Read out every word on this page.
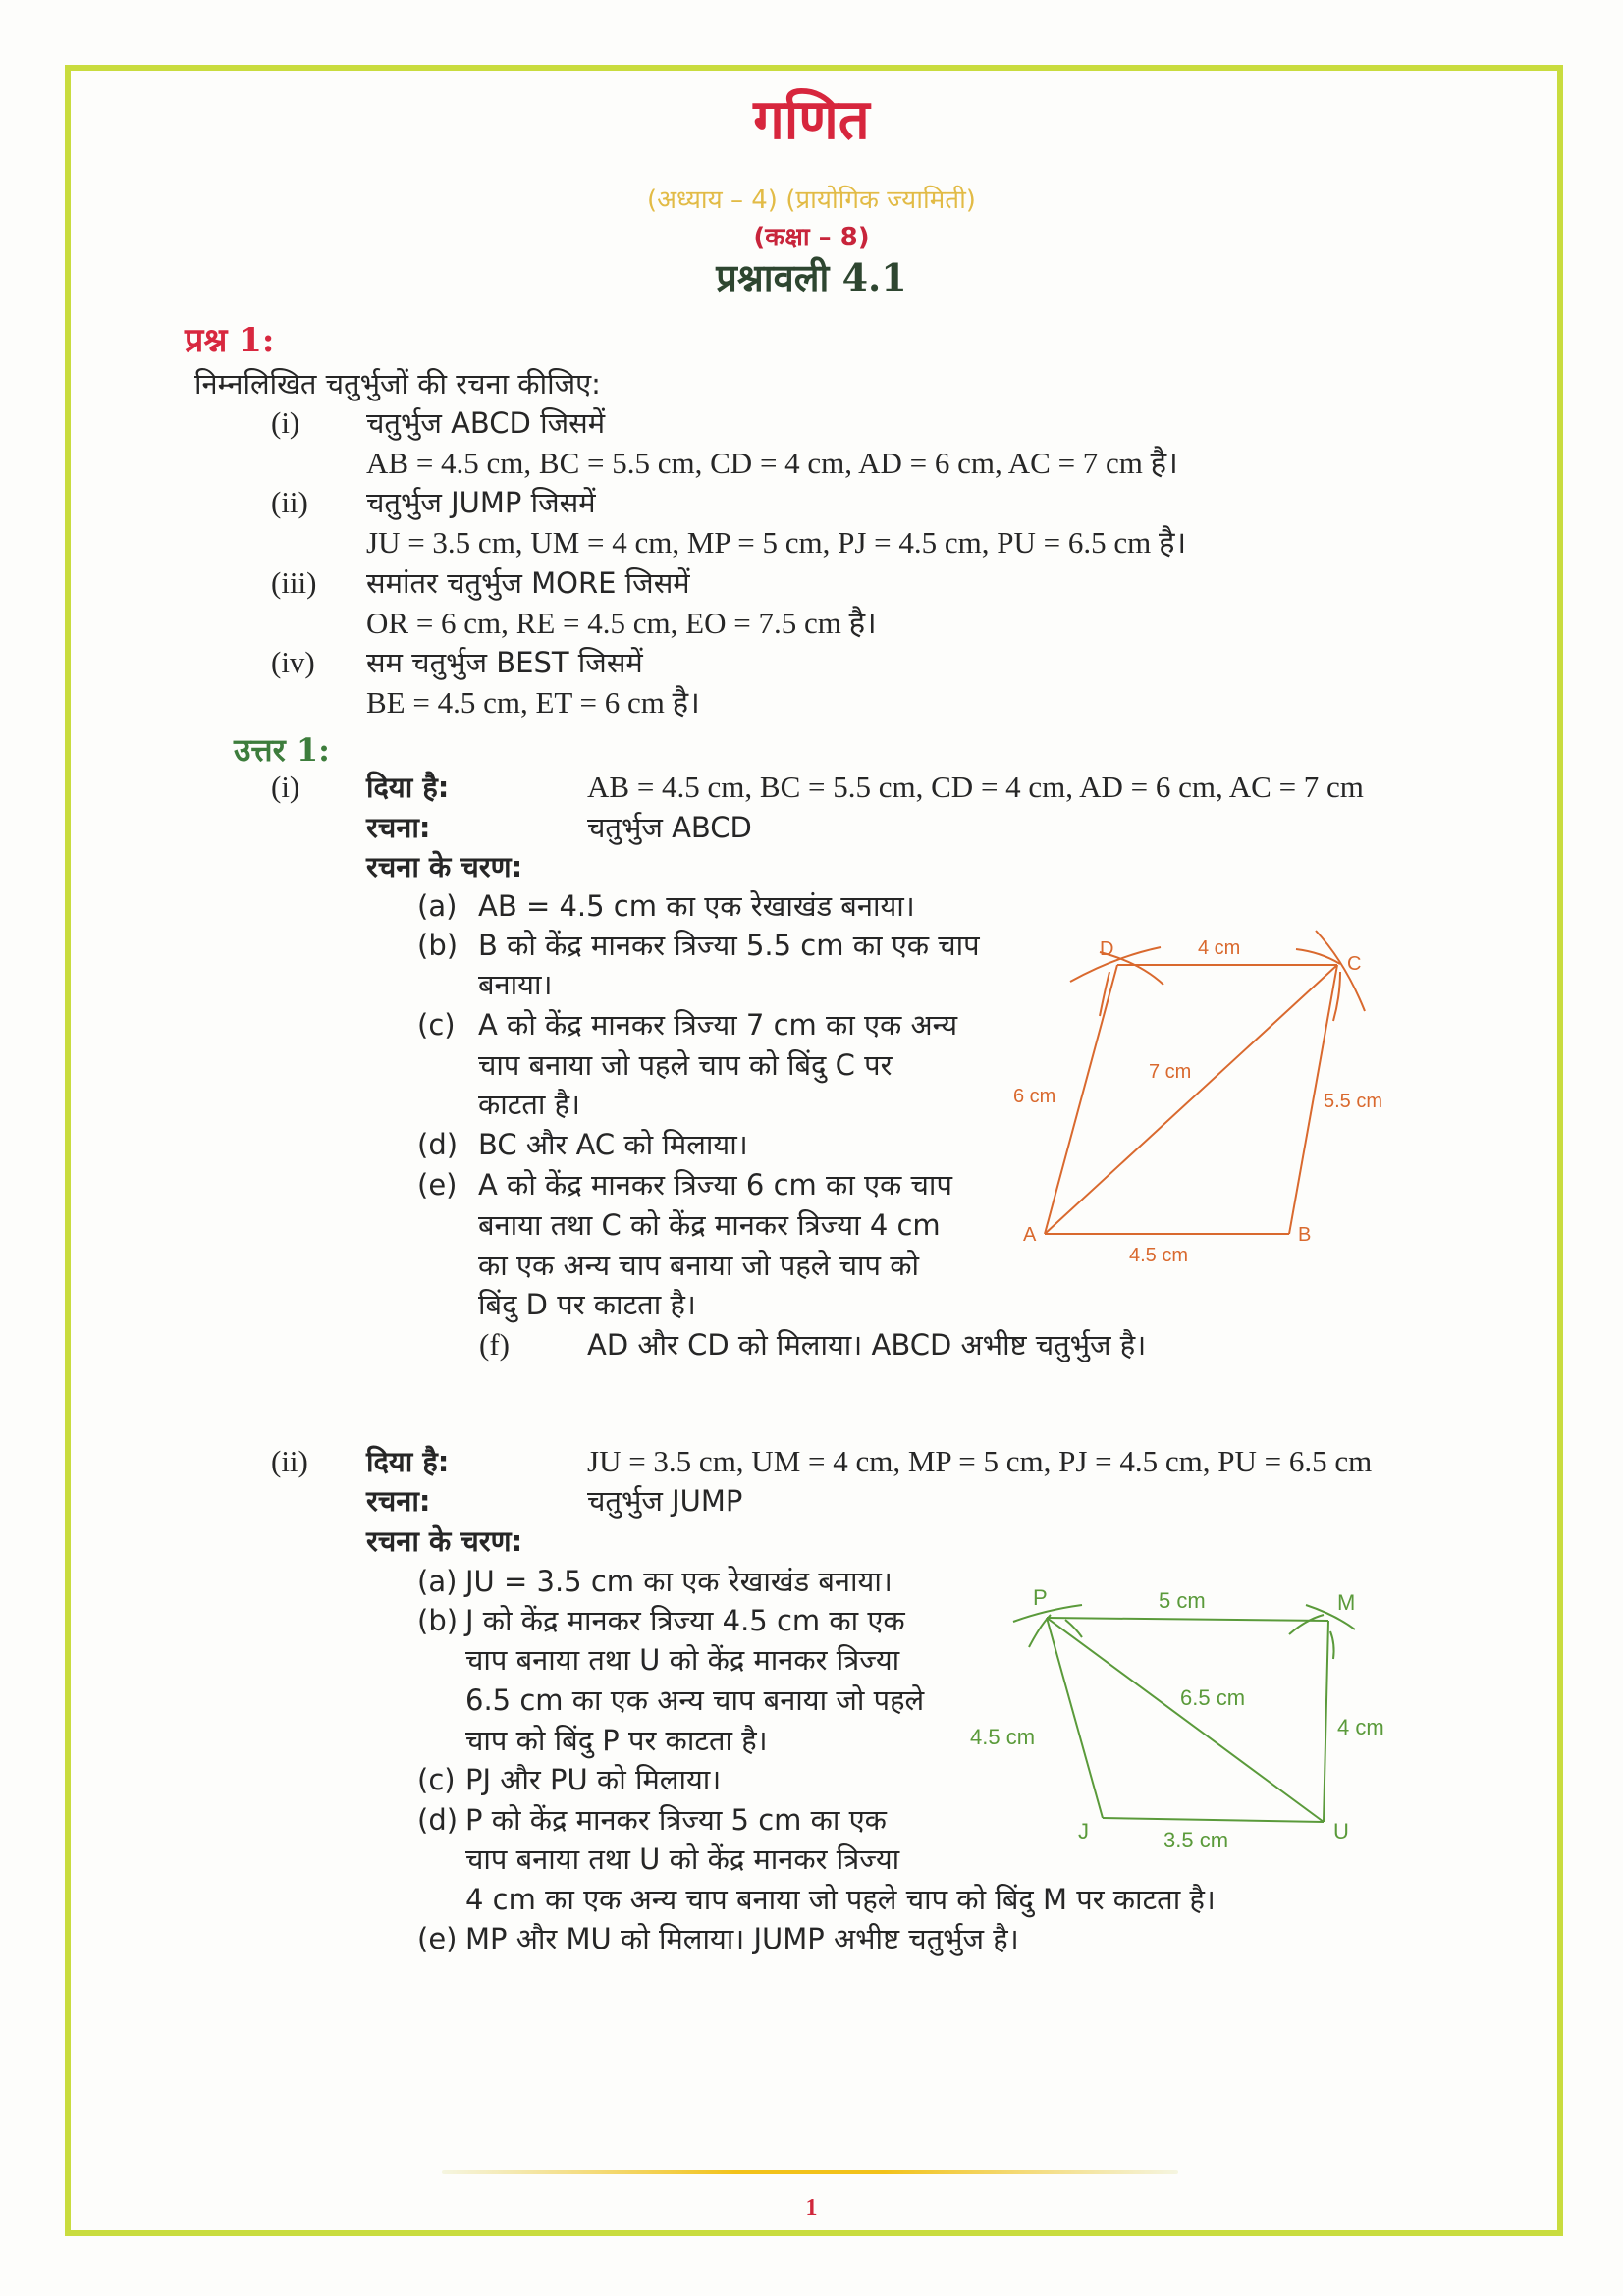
गणित
(अध्याय – 4) (प्रायोगिक ज्यामिती)
(कक्षा – 8)
प्रश्नावली 4.1
प्रश्न 1:
निम्नलिखित चतुर्भुजों की रचना कीजिए:
(i) चतुर्भुज ABCD जिसमें
AB = 4.5 cm, BC = 5.5 cm, CD = 4 cm, AD = 6 cm, AC = 7 cm है।
(ii) चतुर्भुज JUMP जिसमें
JU = 3.5 cm, UM = 4 cm, MP = 5 cm, PJ = 4.5 cm, PU = 6.5 cm है।
(iii) समांतर चतुर्भुज MORE जिसमें
OR = 6 cm, RE = 4.5 cm, EO = 7.5 cm है।
(iv) सम चतुर्भुज BEST जिसमें
BE = 4.5 cm, ET = 6 cm है।
उत्तर 1:
(i) दिया है:	AB = 4.5 cm, BC = 5.5 cm, CD = 4 cm, AD = 6 cm, AC = 7 cm
रचना:	चतुर्भुज ABCD
रचना के चरण:
(a) AB = 4.5 cm का एक रेखाखंड बनाया।
(b) B को केंद्र मानकर त्रिज्या 5.5 cm का एक चाप
बनाया।
(c) A को केंद्र मानकर त्रिज्या 7 cm का एक अन्य
चाप बनाया जो पहले चाप को बिंदु C पर
काटता है।
(d) BC और AC को मिलाया।
(e) A को केंद्र मानकर त्रिज्या 6 cm का एक चाप
बनाया तथा C को केंद्र मानकर त्रिज्या 4 cm
का एक अन्य चाप बनाया जो पहले चाप को
बिंदु D पर काटता है।
(f)	AD और CD को मिलाया। ABCD अभीष्ट चतुर्भुज है।
A	B
C
D
4.5 cm
5.5 cm
4 cm
6 cm
7 cm
(ii) दिया है:	JU = 3.5 cm, UM = 4 cm, MP = 5 cm, PJ = 4.5 cm, PU = 6.5 cm
रचना:	चतुर्भुज JUMP
रचना के चरण:
(a) JU = 3.5 cm का एक रेखाखंड बनाया।
(b) J को केंद्र मानकर त्रिज्या 4.5 cm का एक
चाप बनाया तथा U को केंद्र मानकर त्रिज्या
6.5 cm का एक अन्य चाप बनाया जो पहले
चाप को बिंदु P पर काटता है।
(c) PJ और PU को मिलाया।
(d) P को केंद्र मानकर त्रिज्या 5 cm का एक
चाप बनाया तथा U को केंद्र मानकर त्रिज्या
4 cm का एक अन्य चाप बनाया जो पहले चाप को बिंदु M पर काटता है।
(e) MP और MU को मिलाया। JUMP अभीष्ट चतुर्भुज है।
P	M
J	U
5 cm
4 cm
3.5 cm
4.5 cm
6.5 cm
1
